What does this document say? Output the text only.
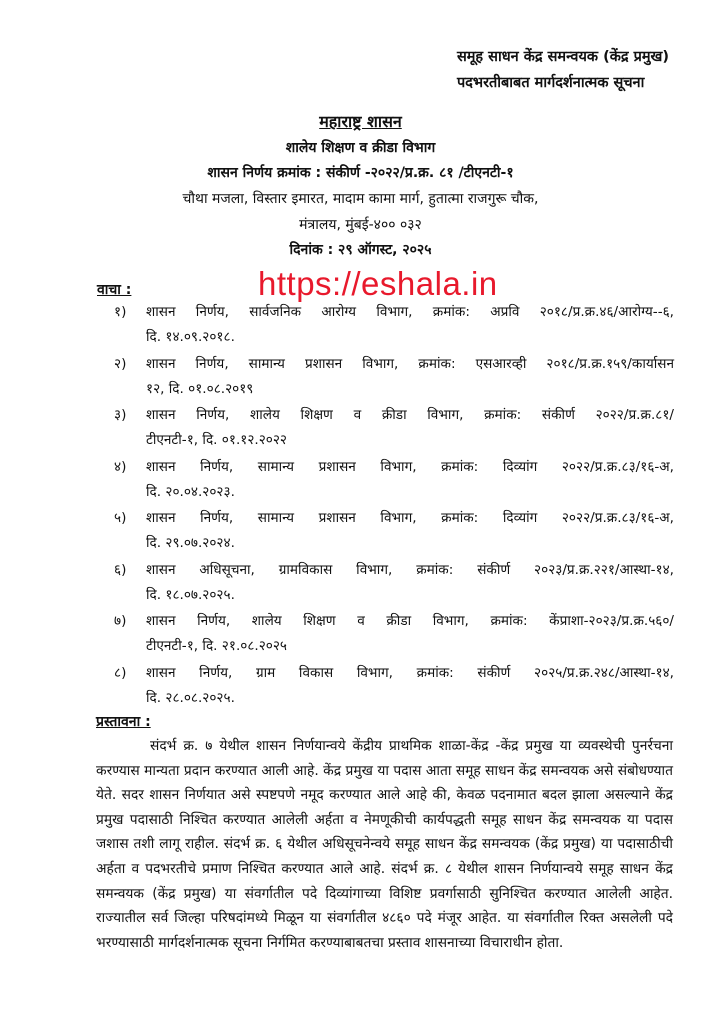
समूह साधन केंद्र समन्वयक (केंद्र प्रमुख)
पदभरतीबाबत मार्गदर्शनात्मक सूचना
महाराष्ट्र शासन
शालेय शिक्षण व क्रीडा विभाग
शासन निर्णय क्रमांक : संकीर्ण -२०२२/प्र.क्र. ८१ /टीएनटी-१
चौथा मजला, विस्तार इमारत, मादाम कामा मार्ग, हुतात्मा राजगुरू चौक,
मंत्रालय, मुंबई-४०० ०३२
दिनांक : २९ ऑगस्ट, २०२५
https://eshala.in
वाचा :
१) शासन निर्णय, सार्वजनिक आरोग्य विभाग, क्रमांक: अप्रवि २०१८/प्र.क्र.४६/आरोग्य--६,
दि. १४.०९.२०१८.
२) शासन निर्णय, सामान्य प्रशासन विभाग, क्रमांक: एसआरव्ही २०१८/प्र.क्र.१५९/कार्यासन
१२, दि. ०१.०८.२०१९
३) शासन निर्णय, शालेय शिक्षण व क्रीडा विभाग, क्रमांक: संकीर्ण २०२२/प्र.क्र.८१/
टीएनटी-१, दि. ०१.१२.२०२२
४) शासन निर्णय, सामान्य प्रशासन विभाग, क्रमांक: दिव्यांग २०२२/प्र.क्र.८३/१६-अ,
दि. २०.०४.२०२३.
५) शासन निर्णय, सामान्य प्रशासन विभाग, क्रमांक: दिव्यांग २०२२/प्र.क्र.८३/१६-अ,
दि. २९.०७.२०२४.
६) शासन अधिसूचना, ग्रामविकास विभाग, क्रमांक: संकीर्ण २०२३/प्र.क्र.२२१/आस्था-१४,
दि. १८.०७.२०२५.
७) शासन निर्णय, शालेय शिक्षण व क्रीडा विभाग, क्रमांक: केंप्राशा-२०२३/प्र.क्र.५६०/
टीएनटी-१, दि. २१.०८.२०२५
८) शासन निर्णय, ग्राम विकास विभाग, क्रमांक: संकीर्ण २०२५/प्र.क्र.२४८/आस्था-१४,
दि. २८.०८.२०२५.
प्रस्तावना :

संदर्भ क्र. ७ येथील शासन निर्णयान्वये केंद्रीय प्राथमिक शाळा-केंद्र -केंद्र प्रमुख या व्यवस्थेची पुनर्रचना करण्यास मान्यता प्रदान करण्यात आली आहे. केंद्र प्रमुख या पदास आता समूह साधन केंद्र समन्वयक असे संबोधण्यात येते. सदर शासन निर्णयात असे स्पष्टपणे नमूद करण्यात आले आहे की, केवळ पदनामात बदल झाला असल्याने केंद्र प्रमुख पदासाठी निश्चित करण्यात आलेली अर्हता व नेमणूकीची कार्यपद्धती समूह साधन केंद्र समन्वयक या पदास जशास तशी लागू राहील. संदर्भ क्र. ६ येथील अधिसूचनेन्वये समूह साधन केंद्र समन्वयक (केंद्र प्रमुख) या पदासाठीची अर्हता व पदभरतीचे प्रमाण निश्चित करण्यात आले आहे. संदर्भ क्र. ८ येथील शासन निर्णयान्वये समूह साधन केंद्र समन्वयक (केंद्र प्रमुख) या संवर्गातील पदे दिव्यांगाच्या विशिष्ट प्रवर्गासाठी सुनिश्चित करण्यात आलेली आहेत. राज्यातील सर्व जिल्हा परिषदांमध्ये मिळून या संवर्गातील ४८६० पदे मंजूर आहेत. या संवर्गातील रिक्त असलेली पदे भरण्यासाठी मार्गदर्शनात्मक सूचना निर्गमित करण्याबाबतचा प्रस्ताव शासनाच्या विचाराधीन होता.
